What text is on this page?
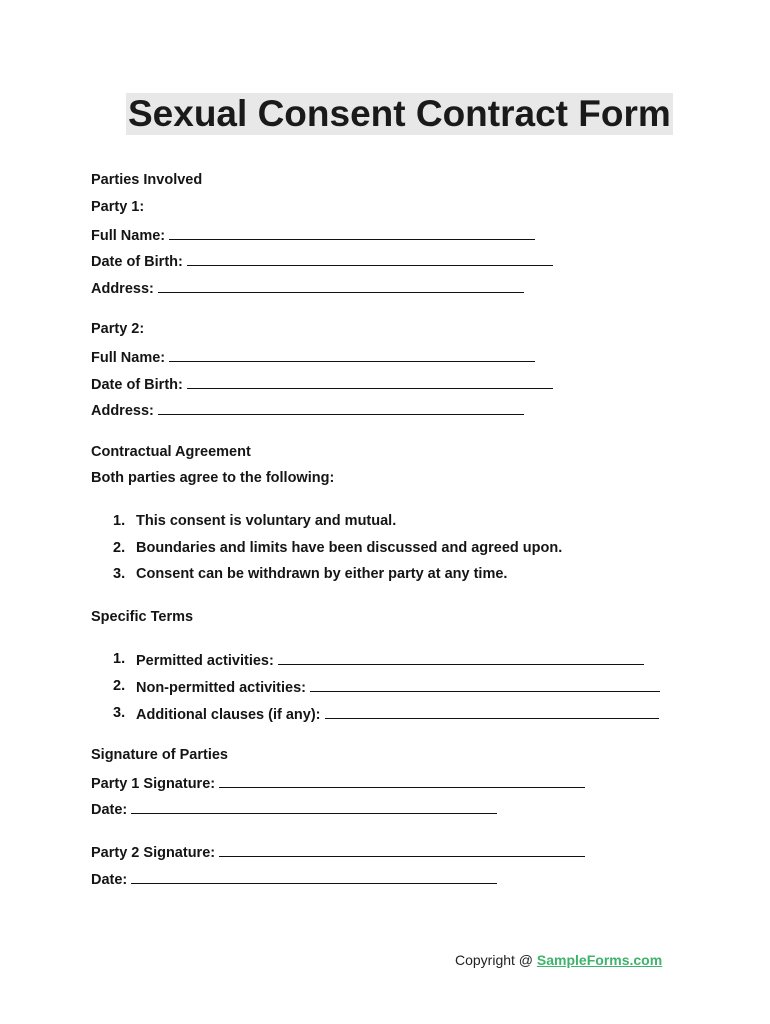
Sexual Consent Contract Form
Parties Involved
Party 1:
Full Name:
Date of Birth:
Address:
Party 2:
Full Name:
Date of Birth:
Address:
Contractual Agreement
Both parties agree to the following:
1. This consent is voluntary and mutual.
2. Boundaries and limits have been discussed and agreed upon.
3. Consent can be withdrawn by either party at any time.
Specific Terms
1. Permitted activities:
2. Non-permitted activities:
3. Additional clauses (if any):
Signature of Parties
Party 1 Signature:
Date:
Party 2 Signature:
Date:
Copyright @ SampleForms.com
